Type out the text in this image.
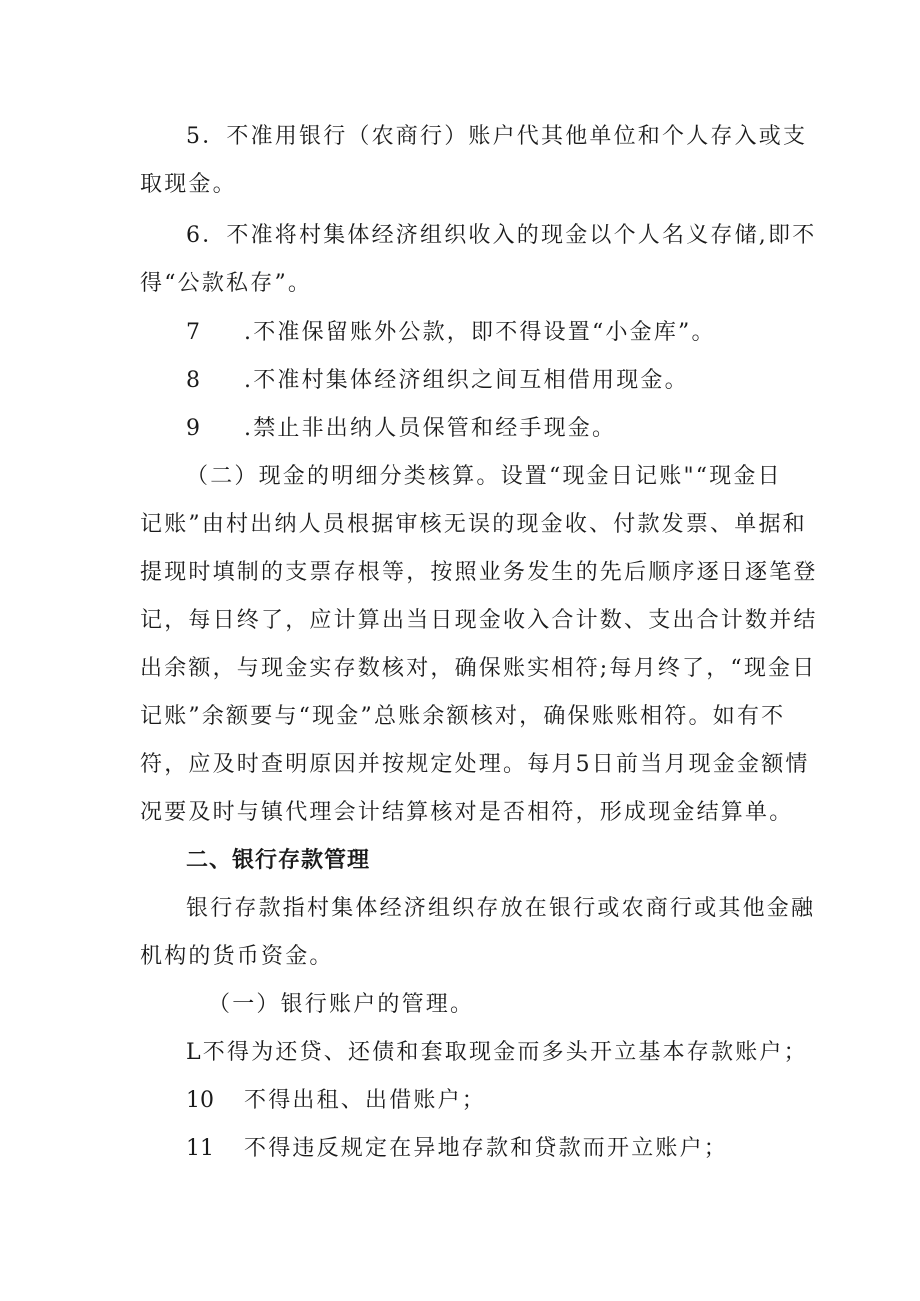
5．不准用银行（农商行）账户代其他单位和个人存入或支
取现金。
6．不准将村集体经济组织收入的现金以个人名义存储,即不
得“公款私存”。
7 .不准保留账外公款，即不得设置“小金库”。
8 .不准村集体经济组织之间互相借用现金。
9 .禁止非出纳人员保管和经手现金。
（二）现金的明细分类核算。设置“现金日记账"“现金日
记账”由村出纳人员根据审核无误的现金收、付款发票、单据和
提现时填制的支票存根等，按照业务发生的先后顺序逐日逐笔登
记，每日终了，应计算出当日现金收入合计数、支出合计数并结
出余额，与现金实存数核对，确保账实相符;每月终了，“现金日
记账”余额要与“现金”总账余额核对，确保账账相符。如有不
符，应及时查明原因并按规定处理。每月5日前当月现金金额情
况要及时与镇代理会计结算核对是否相符，形成现金结算单。
二、银行存款管理
银行存款指村集体经济组织存放在银行或农商行或其他金融
机构的货币资金。
（一）银行账户的管理。
L不得为还贷、还债和套取现金而多头开立基本存款账户；
10 不得出租、出借账户；
11 不得违反规定在异地存款和贷款而开立账户；
